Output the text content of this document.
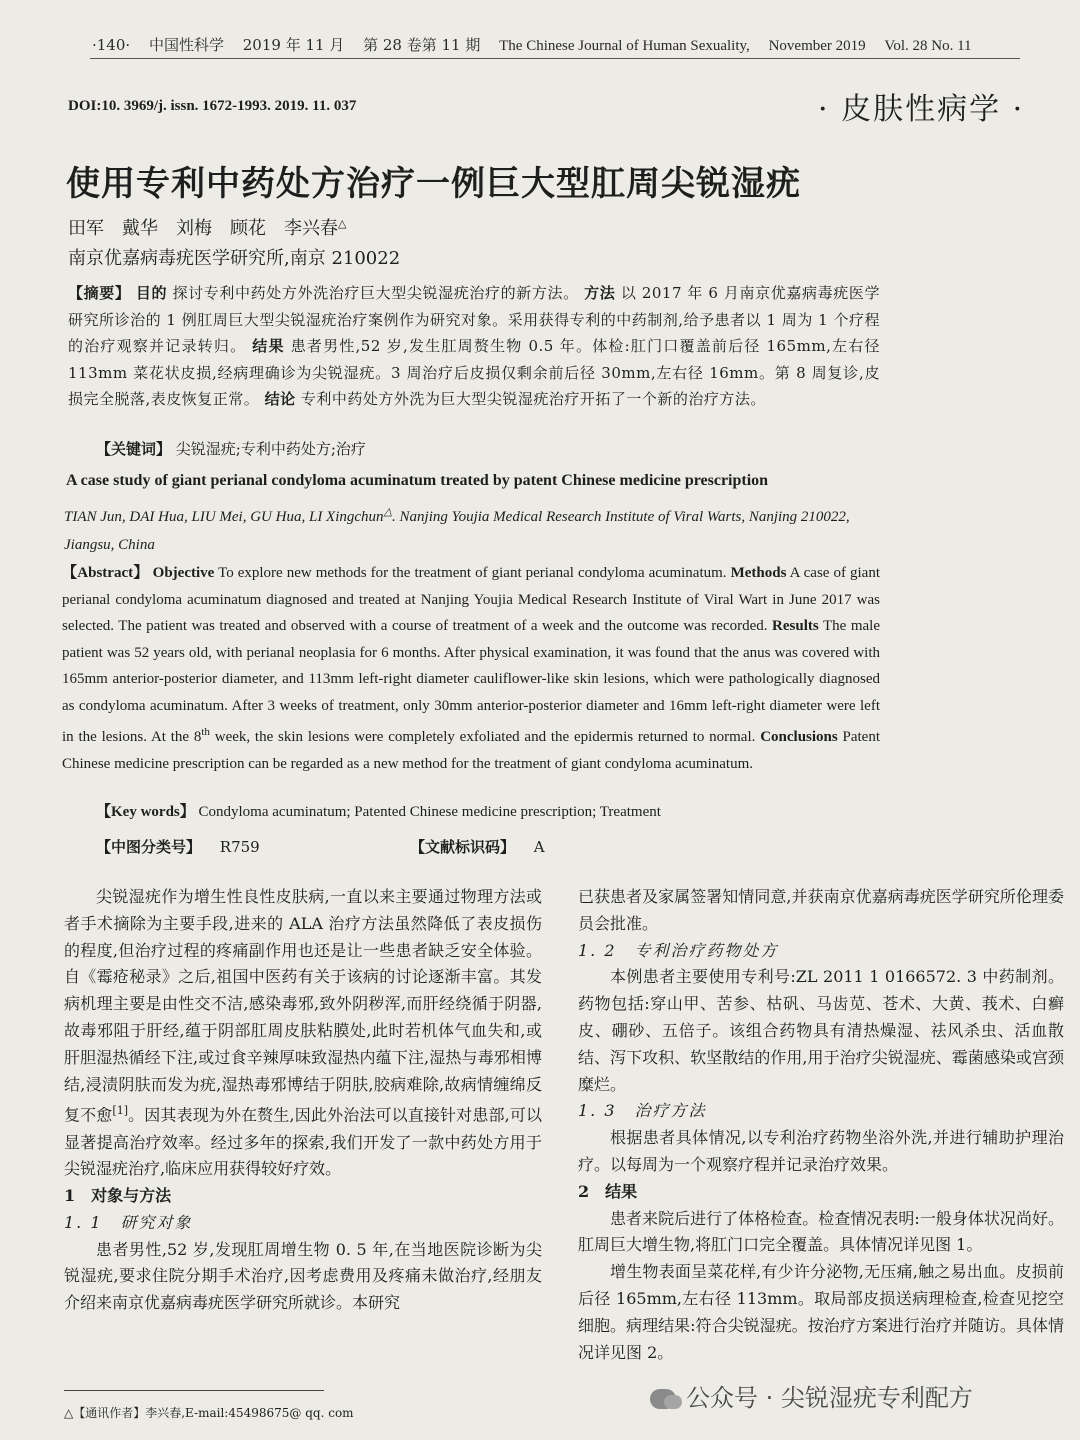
·140· 中国性科学 2019 年 11 月 第 28 卷第 11 期 The Chinese Journal of Human Sexuality, November 2019 Vol. 28 No. 11
DOI:10. 3969/j. issn. 1672-1993. 2019. 11. 037	· 皮肤性病学 ·
使用专利中药处方治疗一例巨大型肛周尖锐湿疣
田军　戴华　刘梅　顾花　李兴春△
南京优嘉病毒疣医学研究所,南京 210022
【摘要】 目的 探讨专利中药处方外洗治疗巨大型尖锐湿疣治疗的新方法。 方法 以 2017 年 6 月南京优嘉病毒疣医学研究所诊治的 1 例肛周巨大型尖锐湿疣治疗案例作为研究对象。采用获得专利的中药制剂,给予患者以 1 周为 1 个疗程的治疗观察并记录转归。 结果 患者男性,52 岁,发生肛周赘生物 0.5 年。体检:肛门口覆盖前后径 165mm,左右径 113mm 菜花状皮损,经病理确诊为尖锐湿疣。3 周治疗后皮损仅剩余前后径 30mm,左右径 16mm。第 8 周复诊,皮损完全脱落,表皮恢复正常。 结论 专利中药处方外洗为巨大型尖锐湿疣治疗开拓了一个新的治疗方法。
【关键词】 尖锐湿疣;专利中药处方;治疗
A case study of giant perianal condyloma acuminatum treated by patent Chinese medicine prescription
TIAN Jun, DAI Hua, LIU Mei, GU Hua, LI Xingchun△. Nanjing Youjia Medical Research Institute of Viral Warts, Nanjing 210022, Jiangsu, China
【Abstract】 Objective To explore new methods for the treatment of giant perianal condyloma acuminatum. Methods A case of giant perianal condyloma acuminatum diagnosed and treated at Nanjing Youjia Medical Research Institute of Viral Wart in June 2017 was selected. The patient was treated and observed with a course of treatment of a week and the outcome was recorded. Results The male patient was 52 years old, with perianal neoplasia for 6 months. After physical examination, it was found that the anus was covered with 165mm anterior-posterior diameter, and 113mm left-right diameter cauliflower-like skin lesions, which were pathologically diagnosed as condyloma acuminatum. After 3 weeks of treatment, only 30mm anterior-posterior diameter and 16mm left-right diameter were left in the lesions. At the 8th week, the skin lesions were completely exfoliated and the epidermis returned to normal. Conclusions Patent Chinese medicine prescription can be regarded as a new method for the treatment of giant condyloma acuminatum.
【Key words】 Condyloma acuminatum; Patented Chinese medicine prescription; Treatment
【中图分类号】 R759	【文献标识码】 A

尖锐湿疣作为增生性良性皮肤病,一直以来主要通过物理方法或者手术摘除为主要手段,进来的 ALA 治疗方法虽然降低了表皮损伤的程度,但治疗过程的疼痛副作用也还是让一些患者缺乏安全体验。自《霉疮秘录》之后,祖国中医药有关于该病的讨论逐渐丰富。其发病机理主要是由性交不洁,感染毒邪,致外阴秽浑,而肝经绕循于阴器,故毒邪阻于肝经,蕴于阴部肛周皮肤粘膜处,此时若机体气血失和,或肝胆湿热循经下注,或过食辛辣厚味致湿热内蕴下注,湿热与毒邪相博结,浸渍阴肤而发为疣,湿热毒邪博结于阴肤,胶病难除,故病情缠绵反复不愈[1]。因其表现为外在赘生,因此外治法可以直接针对患部,可以显著提高治疗效率。经过多年的探索,我们开发了一款中药处方用于尖锐湿疣治疗,临床应用获得较好疗效。

1　对象与方法

1. 1　研究对象

患者男性,52 岁,发现肛周增生物 0. 5 年,在当地医院诊断为尖锐湿疣,要求住院分期手术治疗,因考虑费用及疼痛未做治疗,经朋友介绍来南京优嘉病毒疣医学研究所就诊。本研究

已获患者及家属签署知情同意,并获南京优嘉病毒疣医学研究所伦理委员会批准。

1. 2　专利治疗药物处方

本例患者主要使用专利号:ZL 2011 1 0166572. 3 中药制剂。药物包括:穿山甲、苦参、枯矾、马齿苋、苍术、大黄、莪术、白癣皮、硼砂、五倍子。该组合药物具有清热燥湿、祛风杀虫、活血散结、泻下攻积、软坚散结的作用,用于治疗尖锐湿疣、霉菌感染或宫颈糜烂。

1. 3　治疗方法

根据患者具体情况,以专利治疗药物坐浴外洗,并进行辅助护理治疗。以每周为一个观察疗程并记录治疗效果。

2　结果

患者来院后进行了体格检查。检查情况表明:一般身体状况尚好。肛周巨大增生物,将肛门口完全覆盖。具体情况详见图 1。

增生物表面呈菜花样,有少许分泌物,无压痛,触之易出血。皮损前后径 165mm,左右径 113mm。取局部皮损送病理检查,检查见挖空细胞。病理结果:符合尖锐湿疣。按治疗方案进行治疗并随访。具体情况详见图 2。

△【通讯作者】李兴春,E-mail:45498675@ qq. com
公众号 · 尖锐湿疣专利配方
